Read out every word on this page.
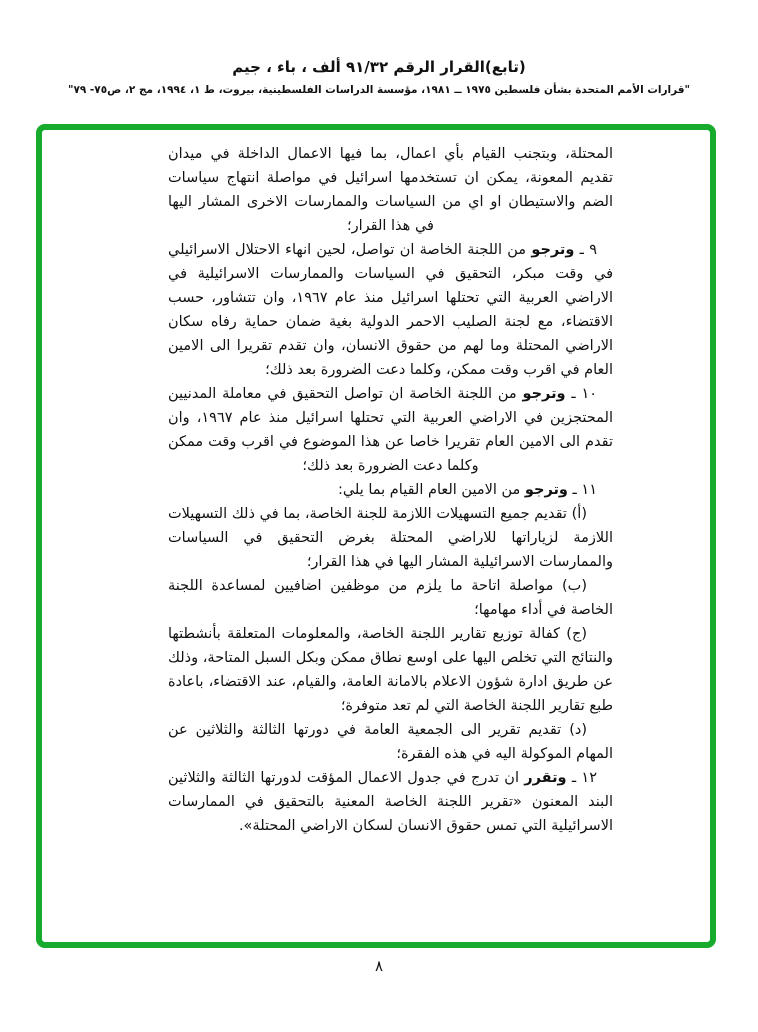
(تابع)القرار الرقم ٩١/٣٢ ألف ، باء ، جيم
"قرارات الأمم المتحدة بشأن فلسطين ١٩٧٥ ــ ١٩٨١، مؤسسة الدراسات الفلسطينية، بيروت، ط ١، ١٩٩٤، مج ٢، ص٧٥- ٧٩"

المحتلة، وبتجنب القيام بأي اعمال، بما فيها الاعمال الداخلة في ميدان تقديم المعونة، يمكن ان تستخدمها اسرائيل في مواصلة انتهاج سياسات الضم والاستيطان او اي من السياسات والممارسات الاخرى المشار اليها في هذا القرار؛

٩ ـ وترجو من اللجنة الخاصة ان تواصل، لحين انهاء الاحتلال الاسرائيلي في وقت مبكر، التحقيق في السياسات والممارسات الاسرائيلية في الاراضي العربية التي تحتلها اسرائيل منذ عام ١٩٦٧، وان تتشاور، حسب الاقتضاء، مع لجنة الصليب الاحمر الدولية بغية ضمان حماية رفاه سكان الاراضي المحتلة وما لهم من حقوق الانسان، وان تقدم تقريرا الى الامين العام في اقرب وقت ممكن، وكلما دعت الضرورة بعد ذلك؛

١٠ ـ وترجو من اللجنة الخاصة ان تواصل التحقيق في معاملة المدنيين المحتجزين في الاراضي العربية التي تحتلها اسرائيل منذ عام ١٩٦٧، وان تقدم الى الامين العام تقريرا خاصا عن هذا الموضوع في اقرب وقت ممكن وكلما دعت الضرورة بعد ذلك؛

١١ ـ وترجو من الامين العام القيام بما يلي:

(أ) تقديم جميع التسهيلات اللازمة للجنة الخاصة، بما في ذلك التسهيلات اللازمة لزياراتها للاراضي المحتلة بغرض التحقيق في السياسات والممارسات الاسرائيلية المشار اليها في هذا القرار؛

(ب) مواصلة اتاحة ما يلزم من موظفين اضافيين لمساعدة اللجنة الخاصة في أداء مهامها؛

(ج) كفالة توزيع تقارير اللجنة الخاصة، والمعلومات المتعلقة بأنشطتها والنتائج التي تخلص اليها على اوسع نطاق ممكن وبكل السبل المتاحة، وذلك عن طريق ادارة شؤون الاعلام بالامانة العامة، والقيام، عند الاقتضاء، باعادة طبع تقارير اللجنة الخاصة التي لم تعد متوفرة؛

(د) تقديم تقرير الى الجمعية العامة في دورتها الثالثة والثلاثين عن المهام الموكولة اليه في هذه الفقرة؛

١٢ ـ وتقرر ان تدرج في جدول الاعمال المؤقت لدورتها الثالثة والثلاثين البند المعنون «تقرير اللجنة الخاصة المعنية بالتحقيق في الممارسات الاسرائيلية التي تمس حقوق الانسان لسكان الاراضي المحتلة».

٨
